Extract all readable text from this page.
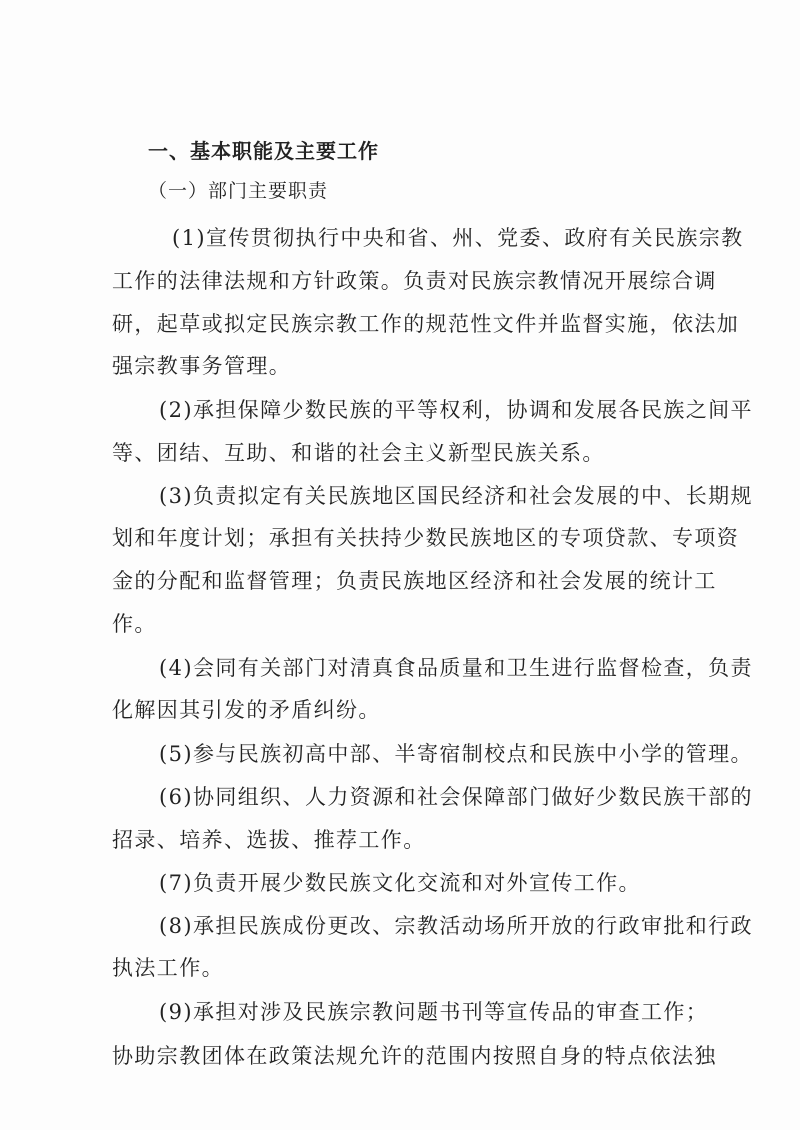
一、基本职能及主要工作
（一）部门主要职责
(1)宣传贯彻执行中央和省、州、党委、政府有关民族宗教
工作的法律法规和方针政策。负责对民族宗教情况开展综合调
研，起草或拟定民族宗教工作的规范性文件并监督实施，依法加
强宗教事务管理。
(2)承担保障少数民族的平等权利，协调和发展各民族之间平
等、团结、互助、和谐的社会主义新型民族关系。
(3)负责拟定有关民族地区国民经济和社会发展的中、长期规
划和年度计划；承担有关扶持少数民族地区的专项贷款、专项资
金的分配和监督管理；负责民族地区经济和社会发展的统计工
作。
(4)会同有关部门对清真食品质量和卫生进行监督检查，负责
化解因其引发的矛盾纠纷。
(5)参与民族初高中部、半寄宿制校点和民族中小学的管理。
(6)协同组织、人力资源和社会保障部门做好少数民族干部的
招录、培养、选拔、推荐工作。
(7)负责开展少数民族文化交流和对外宣传工作。
(8)承担民族成份更改、宗教活动场所开放的行政审批和行政
执法工作。
(9)承担对涉及民族宗教问题书刊等宣传品的审查工作；
协助宗教团体在政策法规允许的范围内按照自身的特点依法独
